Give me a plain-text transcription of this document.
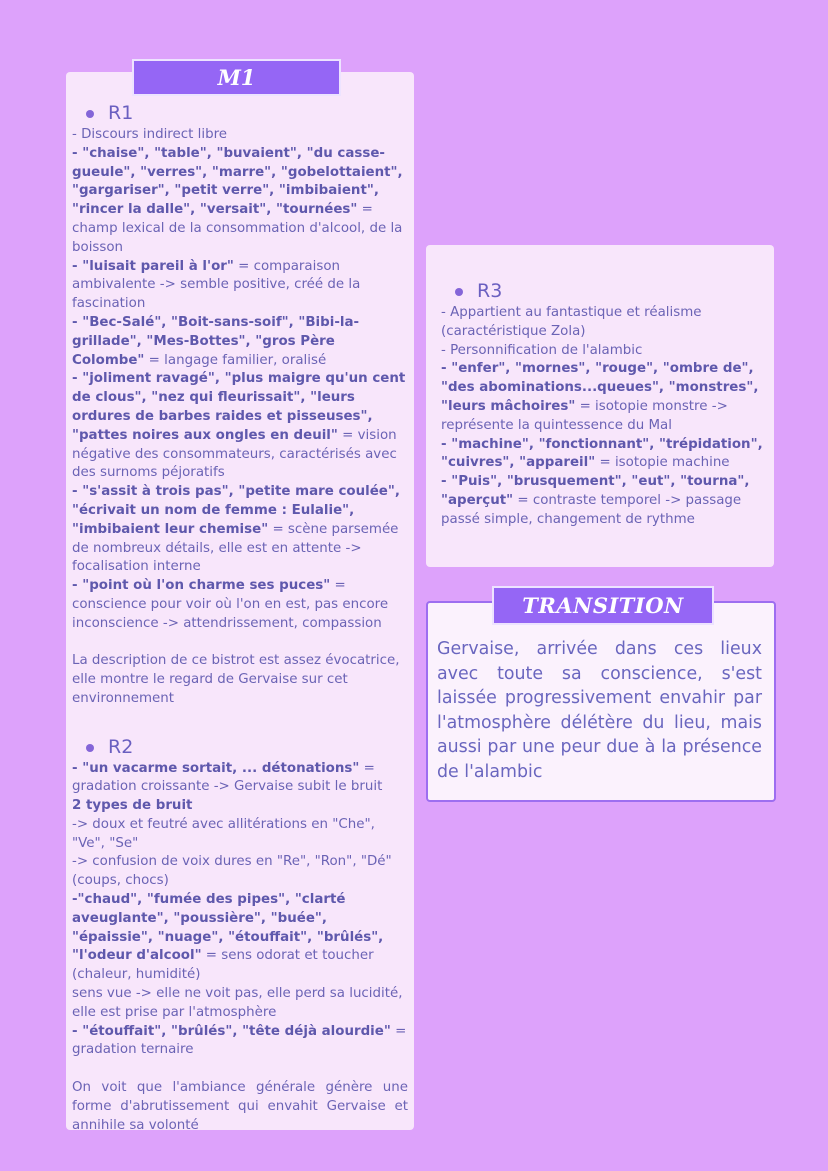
M1
TRANSITION
R1

- Discours indirect libre

- "chaise", "table", "buvaient", "du casse-gueule", "verres", "marre", "gobelottaient", "gargariser", "petit verre", "imbibaient", "rincer la dalle", "versait", "tournées" = champ lexical de la consommation d'alcool, de la boisson

- "luisait pareil à l'or" = comparaison ambivalente -> semble positive, créé de la fascination

- "Bec-Salé", "Boit-sans-soif", "Bibi-la-grillade", "Mes-Bottes", "gros Père Colombe" = langage familier, oralisé

- "joliment ravagé", "plus maigre qu'un cent de clous", "nez qui fleurissait", "leurs ordures de barbes raides et pisseuses", "pattes noires aux ongles en deuil" = vision négative des consommateurs, caractérisés avec des surnoms péjoratifs

- "s'assit à trois pas", "petite mare coulée", "écrivait un nom de femme : Eulalie", "imbibaient leur chemise" = scène parsemée de nombreux détails, elle est en attente -> focalisation interne

- "point où l'on charme ses puces" = conscience pour voir où l'on en est, pas encore inconscience -> attendrissement, compassion

La description de ce bistrot est assez évocatrice, elle montre le regard de Gervaise sur cet environnement

R2

- "un vacarme sortait, ... détonations" = gradation croissante -> Gervaise subit le bruit

2 types de bruit

-> doux et feutré avec allitérations en "Che", "Ve", "Se"

-> confusion de voix dures en "Re", "Ron", "Dé" (coups, chocs)

-"chaud", "fumée des pipes", "clarté aveuglante", "poussière", "buée", "épaissie", "nuage", "étouffait", "brûlés", "l'odeur d'alcool" = sens odorat et toucher (chaleur, humidité)

sens vue -> elle ne voit pas, elle perd sa lucidité, elle est prise par l'atmosphère

- "étouffait", "brûlés", "tête déjà alourdie" = gradation ternaire

On voit que l'ambiance générale génère une forme d'abrutissement qui envahit Gervaise et annihile sa volonté

R3

- Appartient au fantastique et réalisme (caractéristique Zola)

- Personnification de l'alambic

- "enfer", "mornes", "rouge", "ombre de", "des abominations...queues", "monstres", "leurs mâchoires" = isotopie monstre -> représente la quintessence du Mal

- "machine", "fonctionnant", "trépidation", "cuivres", "appareil" = isotopie machine

- "Puis", "brusquement", "eut", "tourna", "aperçut" = contraste temporel -> passage passé simple, changement de rythme

Gervaise, arrivée dans ces lieux avec toute sa conscience, s'est laissée progressivement envahir par l'atmosphère délétère du lieu, mais aussi par une peur due à la présence de l'alambic
